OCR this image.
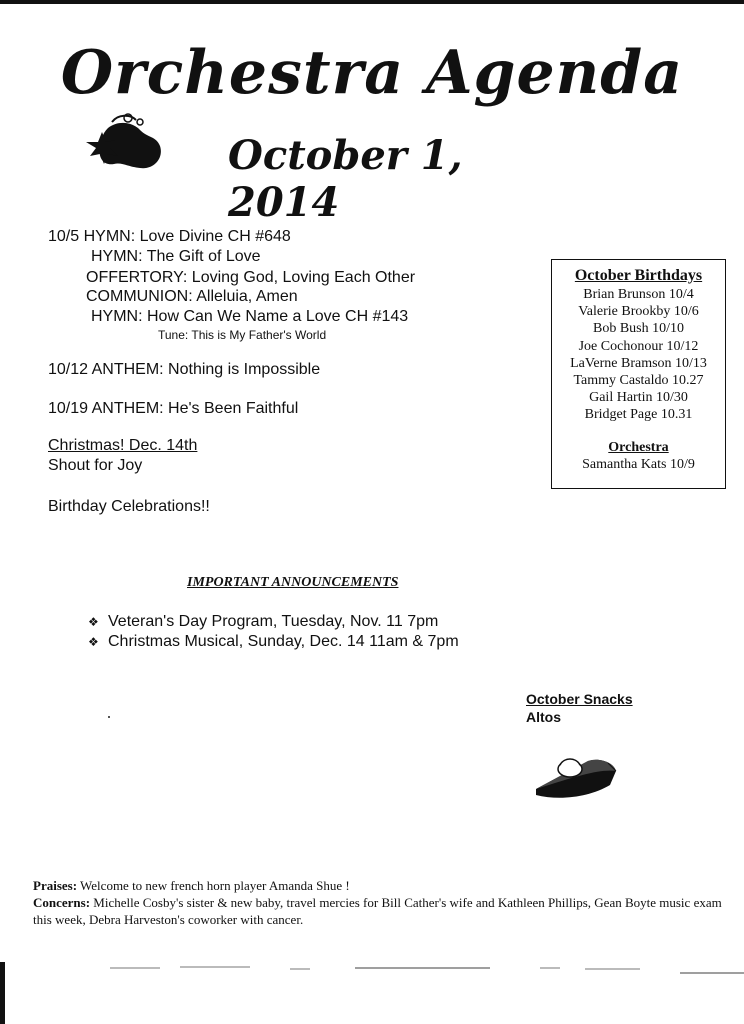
Orchestra Agenda
October 1, 2014
10/5 HYMN: Love Divine CH #648
HYMN: The Gift of Love
OFFERTORY: Loving God, Loving Each Other
COMMUNION: Alleluia, Amen
HYMN: How Can We Name a Love CH #143
Tune: This is My Father's World
10/12 ANTHEM: Nothing is Impossible
10/19 ANTHEM: He's Been Faithful
Christmas! Dec. 14th
Shout for Joy
Birthday Celebrations!!
October Birthdays
Brian Brunson 10/4
Valerie Brookby 10/6
Bob Bush 10/10
Joe Cochonour 10/12
LaVerne Bramson 10/13
Tammy Castaldo 10.27
Gail Hartin 10/30
Bridget Page 10.31
Orchestra
Samantha Kats 10/9
IMPORTANT ANNOUNCEMENTS
❖ Veteran's Day Program, Tuesday, Nov. 11 7pm
❖ Christmas Musical, Sunday, Dec. 14 11am & 7pm
October Snacks
Altos
Praises: Welcome to new french horn player Amanda Shue !
Concerns: Michelle Cosby's sister & new baby, travel mercies for Bill Cather's wife and Kathleen Phillips, Gean Boyte music exam this week, Debra Harveston's coworker with cancer.
